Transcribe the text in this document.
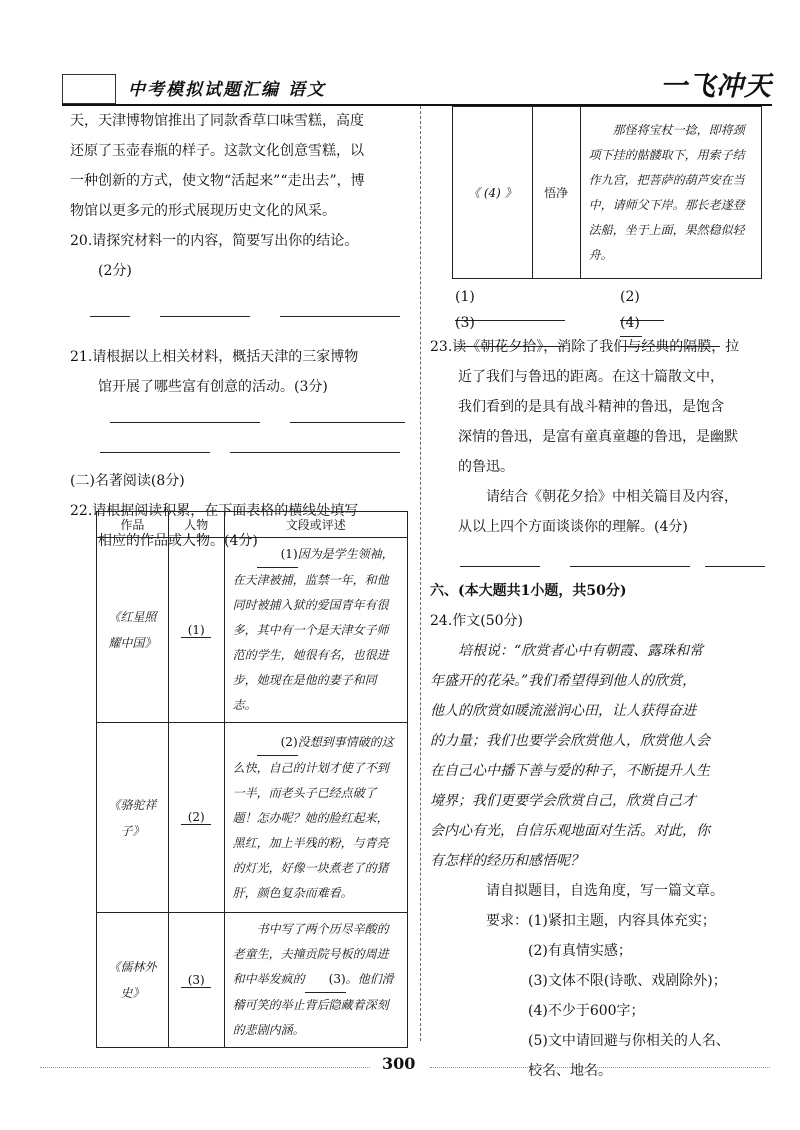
中考模拟试题汇编 语文	一飞冲天
天，天津博物馆推出了同款香草口味雪糕，高度
还原了玉壶春瓶的样子。这款文化创意雪糕，以
一种创新的方式，使文物“活起来”“走出去”，博
物馆以更多元的形式展现历史文化的风采。
20.请探究材料一的内容，简要写出你的结论。
(2分)
21.请根据以上相关材料，概括天津的三家博物
馆开展了哪些富有创意的活动。(3分)
(二)名著阅读(8分)
22.请根据阅读积累，在下面表格的横线处填写
相应的作品或人物。(4分)
作品	人物	文段或评述
《红星照耀中国》	(1)	(1)因为是学生领袖，在天津被捕，监禁一年，和他同时被捕入狱的爱国青年有很多，其中有一个是天津女子师范的学生，她很有名，也很进步，她现在是他的妻子和同志。
《骆驼祥子》	(2)	(2)没想到事情破的这么快，自己的计划才使了不到一半，而老头子已经点破了题！怎办呢？她的脸红起来，黑红，加上半残的粉，与青亮的灯光，好像一块煮老了的猪肝，颜色复杂而难看。
《儒林外史》	(3)	书中写了两个历尽辛酸的老童生，夫撞贡院号板的周进和中举发疯的 (3)。他们滑稽可笑的举止背后隐藏着深刻的悲剧内涵。
《 (4) 》	悟净	那怪将宝杖一捻，即将颈项下挂的骷髅取下，用索子结作九宫，把菩萨的葫芦安在当中，请师父下岸。那长老遂登法船，坐于上面，果然稳似轻舟。
(1)	(2)
(3)	(4)
23.读《朝花夕拾》，消除了我们与经典的隔膜，拉
近了我们与鲁迅的距离。在这十篇散文中，
我们看到的是具有战斗精神的鲁迅，是饱含
深情的鲁迅，是富有童真童趣的鲁迅，是幽默
的鲁迅。
请结合《朝花夕拾》中相关篇目及内容，
从以上四个方面谈谈你的理解。(4分)
六、(本大题共1小题，共50分)
24.作文(50分)
培根说：“欣赏者心中有朝霞、露珠和常
年盛开的花朵。”我们希望得到他人的欣赏，
他人的欣赏如暖流滋润心田，让人获得奋进
的力量；我们也要学会欣赏他人，欣赏他人会
在自己心中播下善与爱的种子，不断提升人生
境界；我们更要学会欣赏自己，欣赏自己才
会内心有光，自信乐观地面对生活。对此，你
有怎样的经历和感悟呢？
请自拟题目，自选角度，写一篇文章。
要求：(1)紧扣主题，内容具体充实；
(2)有真情实感；
(3)文体不限(诗歌、戏剧除外)；
(4)不少于600字；
(5)文中请回避与你相关的人名、
校名、地名。
300
